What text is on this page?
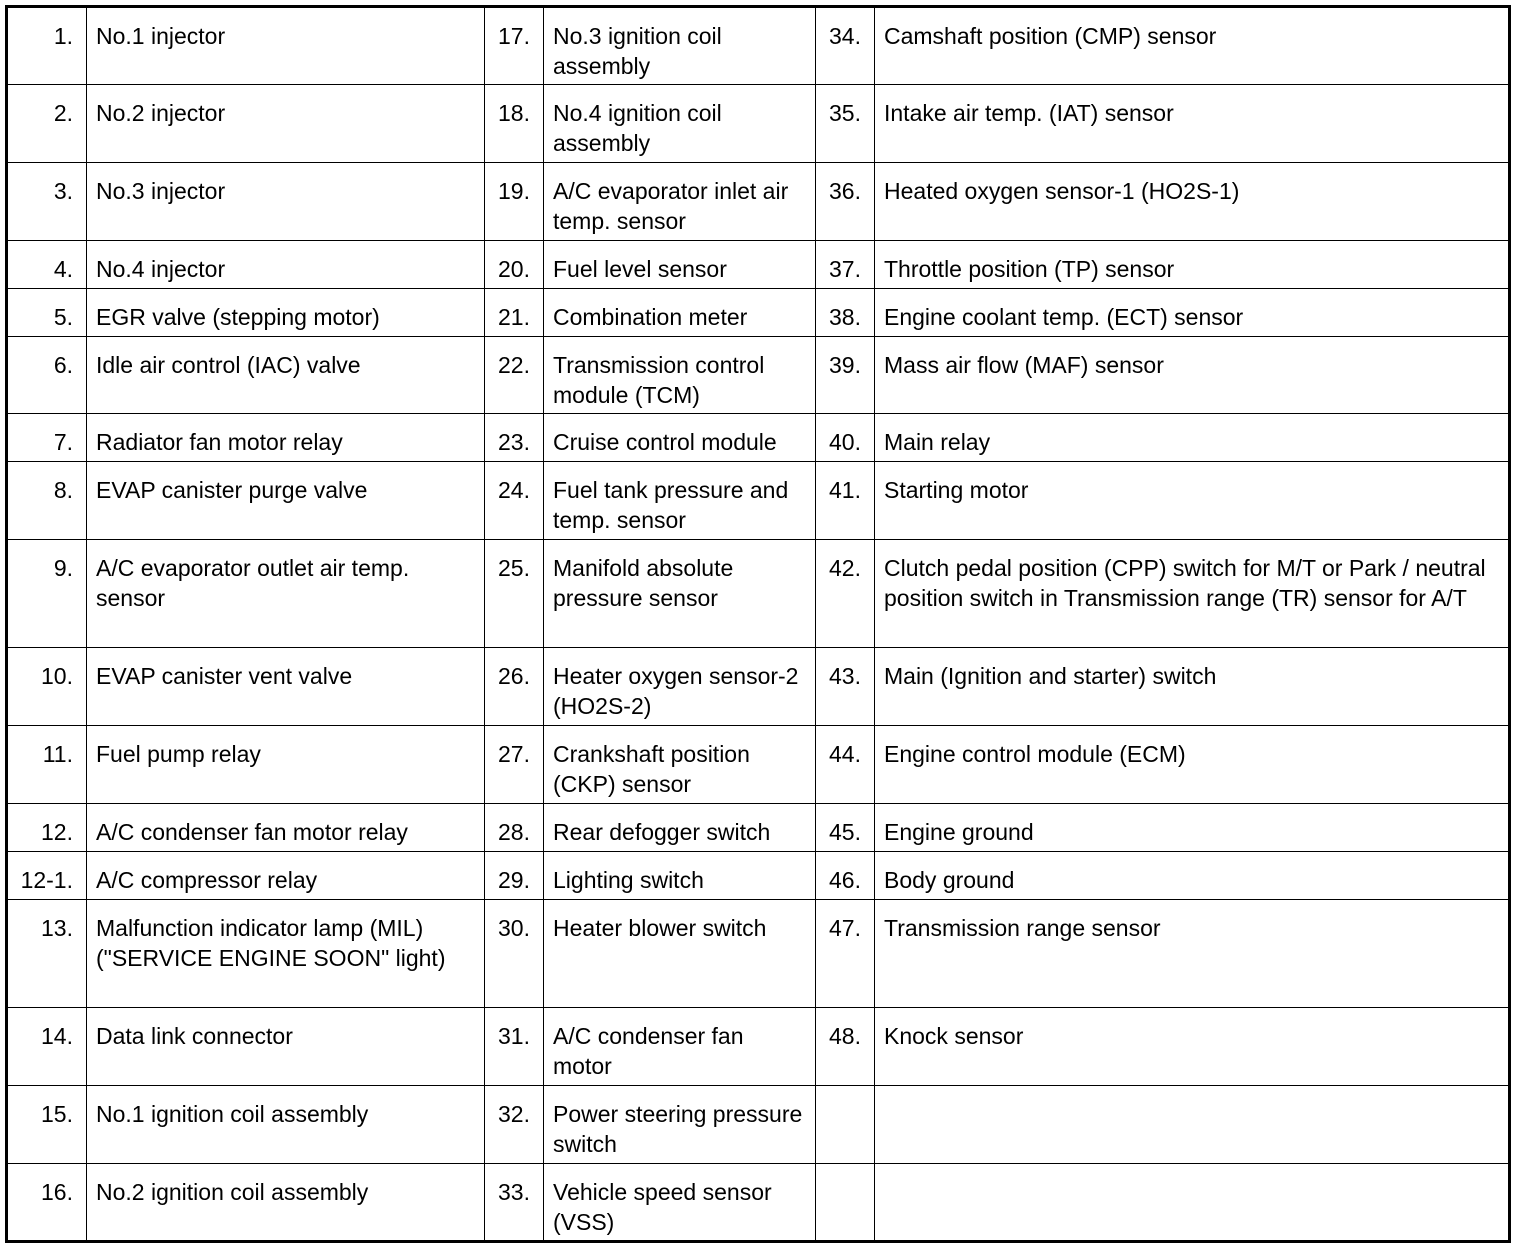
1.	No.1 injector	17.	No.3 ignition coil assembly	34.	Camshaft position (CMP) sensor
2.	No.2 injector	18.	No.4 ignition coil assembly	35.	Intake air temp. (IAT) sensor
3.	No.3 injector	19.	A/C evaporator inlet air temp. sensor	36.	Heated oxygen sensor-1 (HO2S-1)
4.	No.4 injector	20.	Fuel level sensor	37.	Throttle position (TP) sensor
5.	EGR valve (stepping motor)	21.	Combination meter	38.	Engine coolant temp. (ECT) sensor
6.	Idle air control (IAC) valve	22.	Transmission control module (TCM)	39.	Mass air flow (MAF) sensor
7.	Radiator fan motor relay	23.	Cruise control module	40.	Main relay
8.	EVAP canister purge valve	24.	Fuel tank pressure and temp. sensor	41.	Starting motor
9.	A/C evaporator outlet air temp. sensor	25.	Manifold absolute pressure sensor	42.	Clutch pedal position (CPP) switch for M/T or Park / neutral position switch in Transmission range (TR) sensor for A/T
10.	EVAP canister vent valve	26.	Heater oxygen sensor-2 (HO2S-2)	43.	Main (Ignition and starter) switch
11.	Fuel pump relay	27.	Crankshaft position (CKP) sensor	44.	Engine control module (ECM)
12.	A/C condenser fan motor relay	28.	Rear defogger switch	45.	Engine ground
12-1.	A/C compressor relay	29.	Lighting switch	46.	Body ground
13.	Malfunction indicator lamp (MIL) ("SERVICE ENGINE SOON" light)	30.	Heater blower switch	47.	Transmission range sensor
14.	Data link connector	31.	A/C condenser fan motor	48.	Knock sensor
15.	No.1 ignition coil assembly	32.	Power steering pressure switch		
16.	No.2 ignition coil assembly	33.	Vehicle speed sensor (VSS)		
